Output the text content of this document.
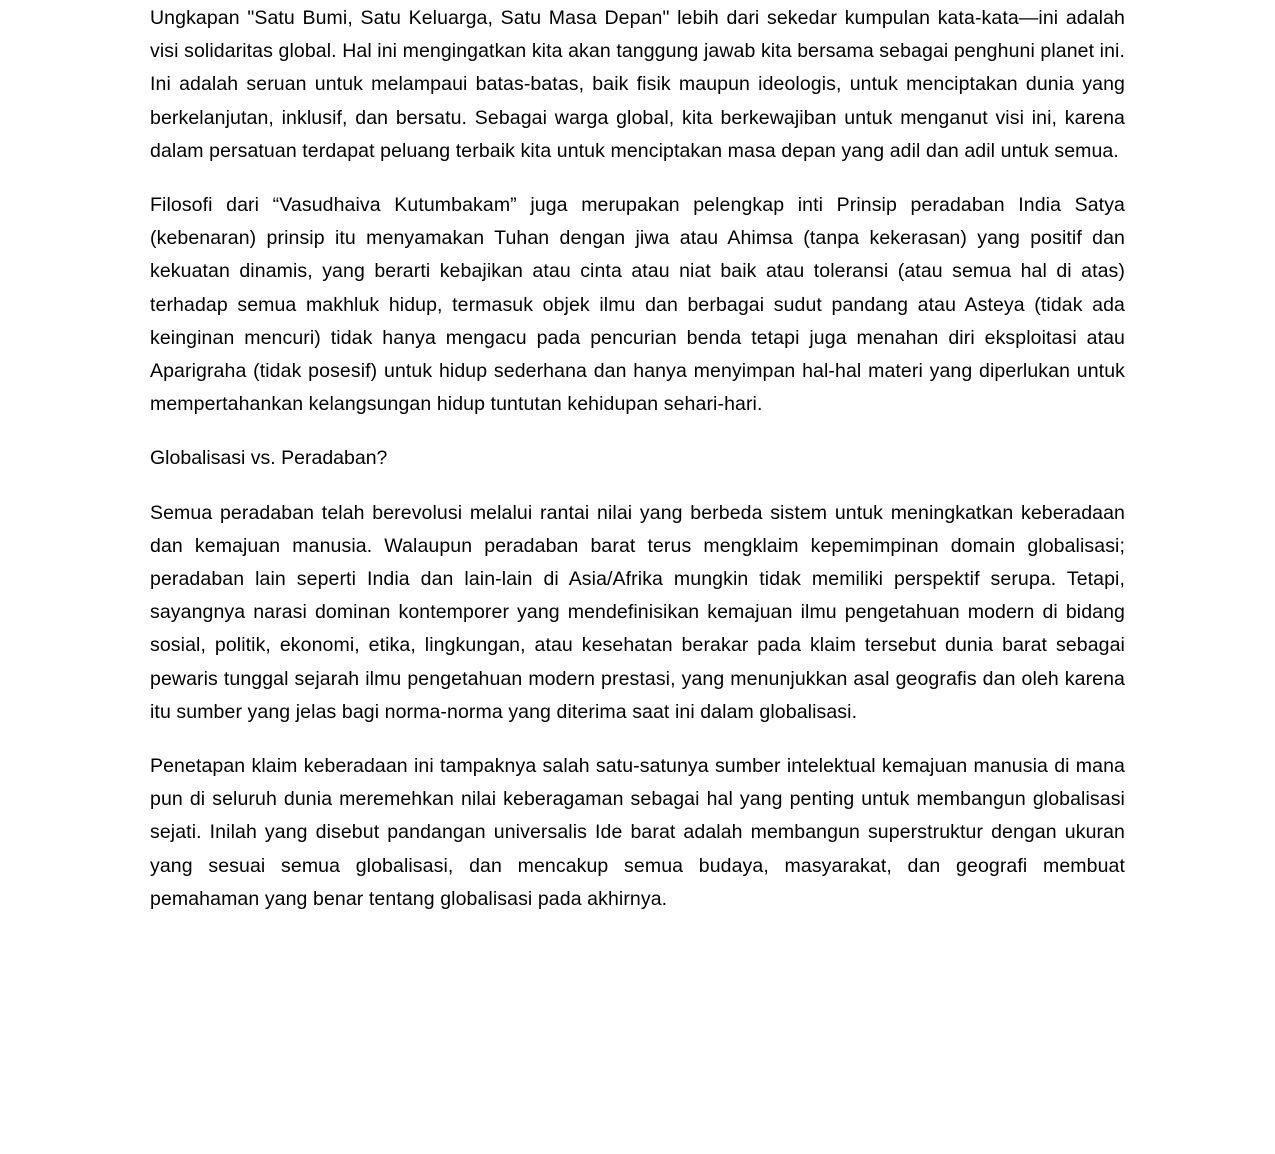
Ungkapan "Satu Bumi, Satu Keluarga, Satu Masa Depan" lebih dari sekedar kumpulan kata-kata—ini adalah visi solidaritas global. Hal ini mengingatkan kita akan tanggung jawab kita bersama sebagai penghuni planet ini. Ini adalah seruan untuk melampaui batas-batas, baik fisik maupun ideologis, untuk menciptakan dunia yang berkelanjutan, inklusif, dan bersatu. Sebagai warga global, kita berkewajiban untuk menganut visi ini, karena dalam persatuan terdapat peluang terbaik kita untuk menciptakan masa depan yang adil dan adil untuk semua.

Filosofi dari “Vasudhaiva Kutumbakam” juga merupakan pelengkap inti Prinsip peradaban India Satya (kebenaran) prinsip itu menyamakan Tuhan dengan jiwa atau Ahimsa (tanpa kekerasan) yang positif dan kekuatan dinamis, yang berarti kebajikan atau cinta atau niat baik atau toleransi (atau semua hal di atas) terhadap semua makhluk hidup, termasuk objek ilmu dan berbagai sudut pandang atau Asteya (tidak ada keinginan mencuri) tidak hanya mengacu pada pencurian benda tetapi juga menahan diri eksploitasi atau Aparigraha (tidak posesif) untuk hidup sederhana dan hanya menyimpan hal-hal materi yang diperlukan untuk mempertahankan kelangsungan hidup tuntutan kehidupan sehari-hari.

Globalisasi vs. Peradaban?

Semua peradaban telah berevolusi melalui rantai nilai yang berbeda sistem untuk meningkatkan keberadaan dan kemajuan manusia. Walaupun peradaban barat terus mengklaim kepemimpinan domain globalisasi; peradaban lain seperti India dan lain-lain di Asia/Afrika mungkin tidak memiliki perspektif serupa. Tetapi, sayangnya narasi dominan kontemporer yang mendefinisikan kemajuan ilmu pengetahuan modern di bidang sosial, politik, ekonomi, etika, lingkungan, atau kesehatan berakar pada klaim tersebut dunia barat sebagai pewaris tunggal sejarah ilmu pengetahuan modern prestasi, yang menunjukkan asal geografis dan oleh karena itu sumber yang jelas bagi norma-norma yang diterima saat ini dalam globalisasi.

Penetapan klaim keberadaan ini tampaknya salah satu-satunya sumber intelektual kemajuan manusia di mana pun di seluruh dunia meremehkan nilai keberagaman sebagai hal yang penting untuk membangun globalisasi sejati. Inilah yang disebut pandangan universalis Ide barat adalah membangun superstruktur dengan ukuran yang sesuai semua globalisasi, dan mencakup semua budaya, masyarakat, dan geografi membuat pemahaman yang benar tentang globalisasi pada akhirnya.
